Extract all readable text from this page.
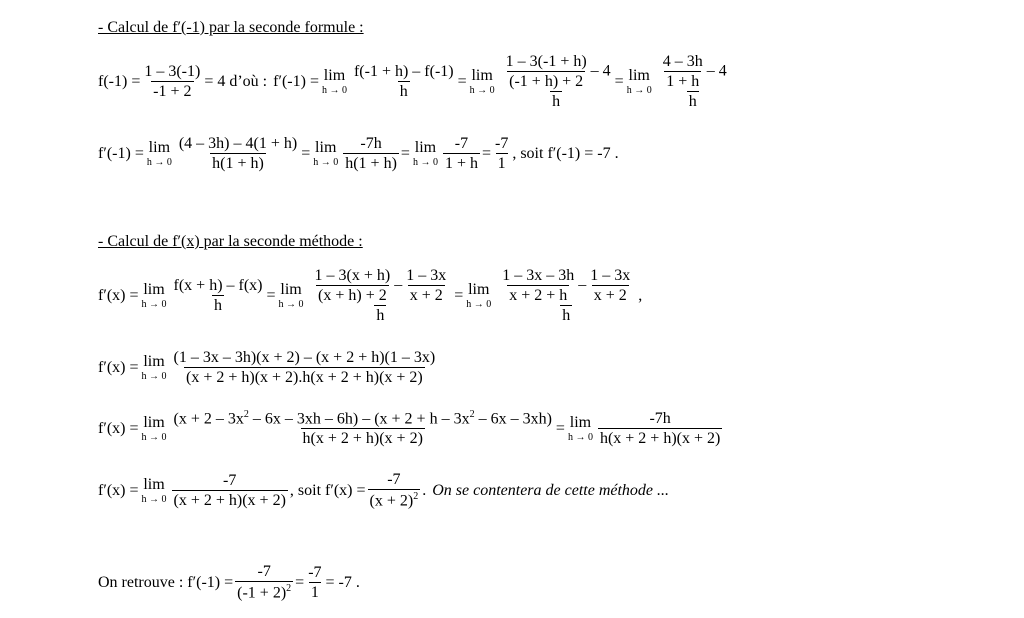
- Calcul de f′(-1) par la seconde formule :
$f(-1) = \frac{1 - 3(-1)}{-1 + 2} = 4$ d’où : f′(-1) = lim
$h \to 0 \frac{f(-1 + h) - f(-1)}{h} = \lim$
$h \to 0 \frac{\frac{1 - 3(-1 + h)}{(-1 + h) + 2} - 4}{h} = \lim$
$h \to 0 \frac{\frac{4 - 3h}{1 + h} - 4}{h}$
f′(-1) = lim
$h \to 0 \frac{(4 - 3h) - 4(1 + h)}{h(1 + h)} = \lim$
$h \to 0 \frac{-7h}{h(1 + h)} = \lim$
$h \to 0 \frac{-7}{1 + h} = \frac{-7}{1}$ , soit f′(-1) = -7 .
- Calcul de f′(x) par la seconde méthode :
f′(x) = lim
$h \to 0 \frac{f(x + h) - f(x)}{h} = \lim$
h → 0
$\frac{1 - 3(x + h)}{(x + h) + 2} - \frac{1 - 3x}{x + 2}$
h
= lim
h → 0
$\frac{1 - 3x - 3h}{x + 2 + h} - \frac{1 - 3x}{x + 2}$
h
,
f′(x) = lim
$h \to 0 \frac{(1 - 3x - 3h)(x + 2) - (x + 2 + h)(1 - 3x)}{(x + 2 + h)(x + 2).h(x + 2 + h)(x + 2)}$
f′(x) = lim
$h \to 0 \frac{(x + 2 - 3x^2 - 6x - 3xh - 6h) - (x + 2 + h - 3x^2 - 6x - 3xh)}{h(x + 2 + h)(x + 2)} = \lim$
$h \to 0 \frac{-7h}{h(x + 2 + h)(x + 2)}$
f′(x) = lim
$h \to 0 \frac{-7}{(x + 2 + h)(x + 2)}$ , soit $f'(x) = \frac{-7}{(x + 2)^2}$ . On se contentera de cette méthode ...
On retrouve : $f'(-1) = \frac{-7}{(-1 + 2)^2} = \frac{-7}{1} = -7$ .
